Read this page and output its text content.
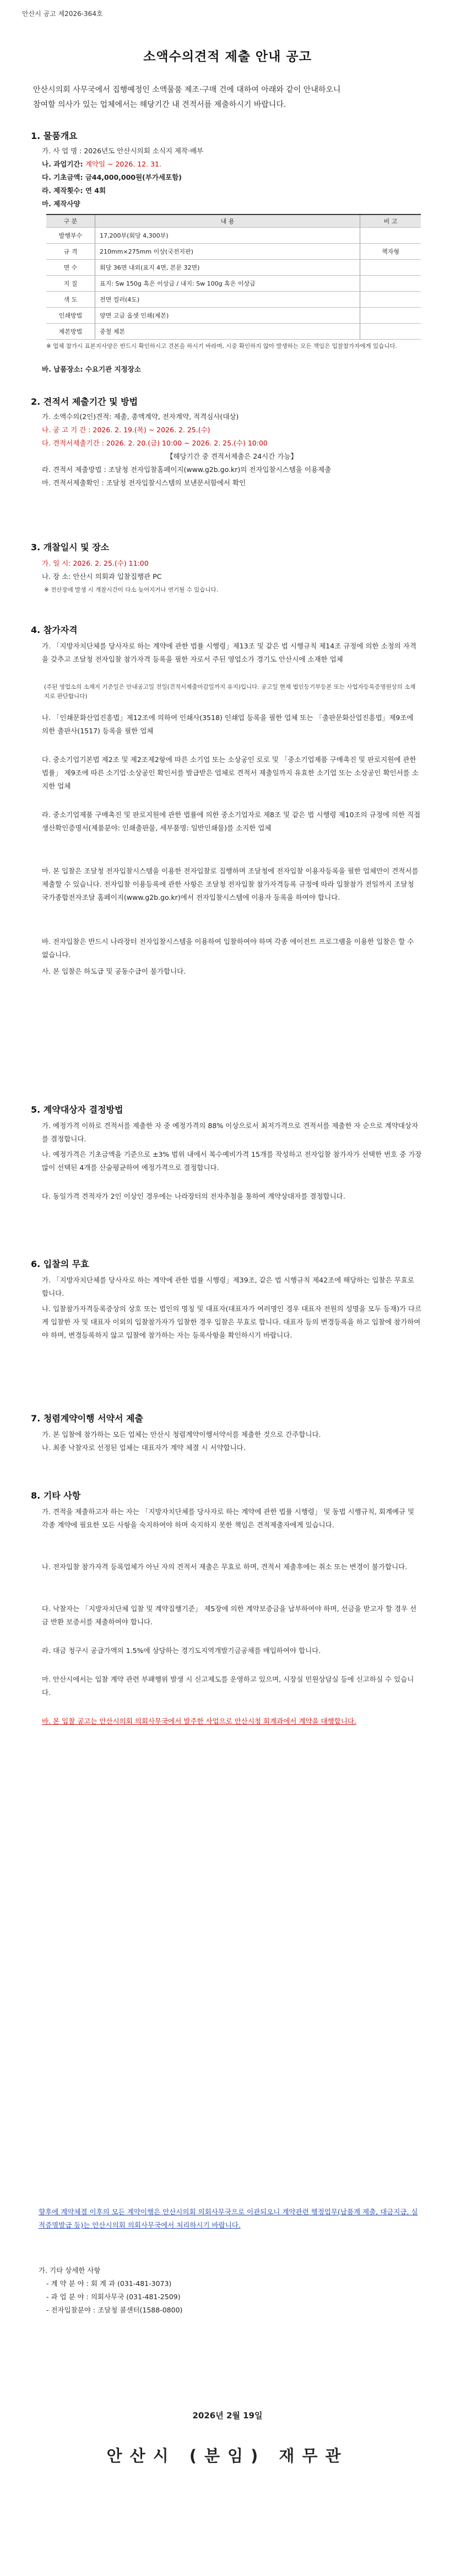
안산시 공고 제2026-364호
소액수의견적 제출 안내 공고
안산시의회 사무국에서 집행예정인 소액물품 제조·구매 건에 대하여 아래와 같이 안내하오니
참여할 의사가 있는 업체에서는 해당기간 내 견적서를 제출하시기 바랍니다.
1. 물품개요
가. 사 업 명 : 2026년도 안산시의회 소식지 제작·배부
나. 과업기간: 계약일 ~ 2026. 12. 31.
다. 기초금액: 금44,000,000원(부가세포함)
라. 제작횟수: 연 4회
마. 제작사양
구 분	내 용	비 고
발행부수	17,200부(회당 4,300부)	
규 격	210mm×275mm 이상(국전지판)	책자형
면 수	회당 36면 내외(표지 4면, 본문 32면)	
지 질	표지: Sw 150g 혹은 이상급 / 내지: Sw 100g 혹은 이상급	
색 도	전면 컬러(4도)	
인쇄방법	양면 고급 옵셋 인쇄(제본)	
제본방법	중철 제본	
※ 업체 참가시 표본지사양은 반드시 확인하시고 견본을 하시기 바라며, 시중 확인하지 않아 발생하는 모든 책임은 입찰참가자에게 있습니다.
바. 납품장소: 수요기관 지정장소
2. 견적서 제출기간 및 방법
가. 소액수의(2인)견적: 제출, 총액계약, 전자계약, 적격심사(대상)
나. 공 고 기 간 : 2026. 2. 19.(목) ~ 2026. 2. 25.(수)
다. 견적서제출기간 : 2026. 2. 20.(금) 10:00 ~ 2026. 2. 25.(수) 10:00
【해당기간 중 견적서제출은 24시간 가능】
라. 견적서 제출방법 : 조달청 전자입찰홈페이지(www.g2b.go.kr)의 전자입찰시스템을 이용제출
마. 견적서제출확인 : 조달청 전자입찰시스템의 보낸문서함에서 확인
3. 개찰일시 및 장소
가. 일 시: 2026. 2. 25.(수) 11:00
나. 장 소: 안산시 의회과 입찰집행관 PC
※ 전산장애 발생 시 개찰시간이 다소 늦어지거나 연기될 수 있습니다.
4. 참가자격
가. 「지방자치단체를 당사자로 하는 계약에 관한 법률 시행령」제13조 및 같은 법 시행규칙 제14조 규정에 의한 소정의 자격을 갖추고 조달청 전자입찰 참가자격 등록을 필한 자로서 주된 영업소가 경기도 안산시에 소재한 업체
(주된 영업소의 소재지 기준일은 안내공고일 전일(견적서제출마감일까지 유지)입니다. 공고일 현재 법인등기부등본 또는 사업자등록증명원상의 소재지로 판단합니다)
나. 「인쇄문화산업진흥법」제12조에 의하여 인쇄사(3518) 인쇄업 등록을 필한 업체 또는 「출판문화산업진흥법」제9조에 의한 출판사(1517) 등록을 필한 업체
다. 중소기업기본법 제2조 및 제2조제2항에 따른 소기업 또는 소상공인 로로 및 「중소기업제품 구매촉진 및 판로지원에 관한 법률」 제9조에 따른 소기업·소상공인 확인서를 발급받은 업체로 견적서 제출일까지 유효한 소기업 또는 소상공인 확인서를 소지한 업체
라. 중소기업제품 구매촉진 및 판로지원에 관한 법률에 의한 중소기업자로 제8조 및 같은 법 시행령 제10조의 규정에 의한 직접생산확인증명서(제품분야: 인쇄출판물, 세부품명: 일반인쇄물)를 소지한 업체
마. 본 입찰은 조달청 전자입찰시스템을 이용한 전자입찰로 집행하며 조달청에 전자입찰 이용자등록을 필한 업체만이 견적서를 제출할 수 있습니다. 전자입찰 이용등록에 관한 사항은 조달청 전자입찰 참가자격등록 규정에 따라 입찰참가 전일까지 조달청 국가종합전자조달 홈페이지(www.g2b.go.kr)에서 전자입찰시스템에 이용자 등록을 하여야 합니다.
바. 전자입찰은 반드시 나라장터 전자입찰시스템을 이용하여 입찰하여야 하며 각종 에이전트 프로그램을 이용한 입찰은 할 수 없습니다.
사. 본 입찰은 하도급 및 공동수급이 불가합니다.
5. 계약대상자 결정방법
가. 예정가격 이하로 견적서를 제출한 자 중 예정가격의 88% 이상으로서 최저가격으로 견적서를 제출한 자 순으로 계약대상자를 결정합니다.
나. 예정가격은 기초금액을 기준으로 ±3% 범위 내에서 복수예비가격 15개를 작성하고 전자입찰 참가자가 선택한 번호 중 가장 많이 선택된 4개를 산술평균하여 예정가격으로 결정합니다.
다. 동일가격 견적자가 2인 이상인 경우에는 나라장터의 전자추첨을 통하여 계약상대자를 결정합니다.
6. 입찰의 무효
가. 「지방자치단체를 당사자로 하는 계약에 관한 법률 시행령」제39조, 같은 법 시행규칙 제42조에 해당하는 입찰은 무효로 합니다.
나. 입찰참가자격등록증상의 상호 또는 법인의 명칭 및 대표자(대표자가 여러명인 경우 대표자 전원의 성명을 모두 등재)가 다르게 입찰한 자 및 대표자 이외의 입찰참가자가 입찰한 경우 입찰은 무효로 합니다. 대표자 등의 변경등록을 하고 입찰에 참가하여야 하며, 변경등록하지 않고 입찰에 참가하는 자는 등록사항을 확인하시기 바랍니다.
7. 청렴계약이행 서약서 제출
가. 본 입찰에 참가하는 모든 업체는 안산시 청렴계약이행서약서를 제출한 것으로 간주합니다.
나. 최종 낙찰자로 선정된 업체는 대표자가 계약 체결 시 서약합니다.
8. 기타 사항
가. 견적을 제출하고자 하는 자는 「지방자치단체를 당사자로 하는 계약에 관한 법률 시행령」 및 동법 시행규칙, 회계예규 및 각종 계약에 필요한 모든 사항을 숙지하여야 하며 숙지하지 못한 책임은 견적제출자에게 있습니다.
나. 전자입찰 참가자격 등록업체가 아닌 자의 견적서 제출은 무효로 하며, 견적서 제출후에는 취소 또는 변경이 불가합니다.
다. 낙찰자는 「지방자치단체 입찰 및 계약집행기준」 제5장에 의한 계약보증금을 납부하여야 하며, 선금을 받고자 할 경우 선금 반환 보증서를 제출하여야 합니다.
라. 대금 청구시 공급가액의 1.5%에 상당하는 경기도지역개발기금공채를 매입하여야 합니다.
마. 안산시에서는 입찰 계약 관련 부패행위 발생 시 신고제도를 운영하고 있으며, 시장실 민원상담실 등에 신고하실 수 있습니다.
바. 본 입찰 공고는 안산시의회 의회사무국에서 발주한 사업으로 안산시청 회계과에서 계약을 대행합니다.
향후에 계약체결 이후의 모든 계약이행은 안산시의회 의회사무국으로 이관되오니 계약관련 행정업무(납품계 제출, 대금지급, 실적증명발급 등)는 안산시의회 의회사무국에서 처리하시기 바랍니다.
가. 기타 상세한 사항
- 계 약 분 야 : 회 계 과 (031-481-3073)
- 과 업 분 야 : 의회사무국 (031-481-2509)
- 전자입찰분야 : 조달청 콜센터(1588-0800)
2026년 2월 19일
안산시 (분임) 재무관
